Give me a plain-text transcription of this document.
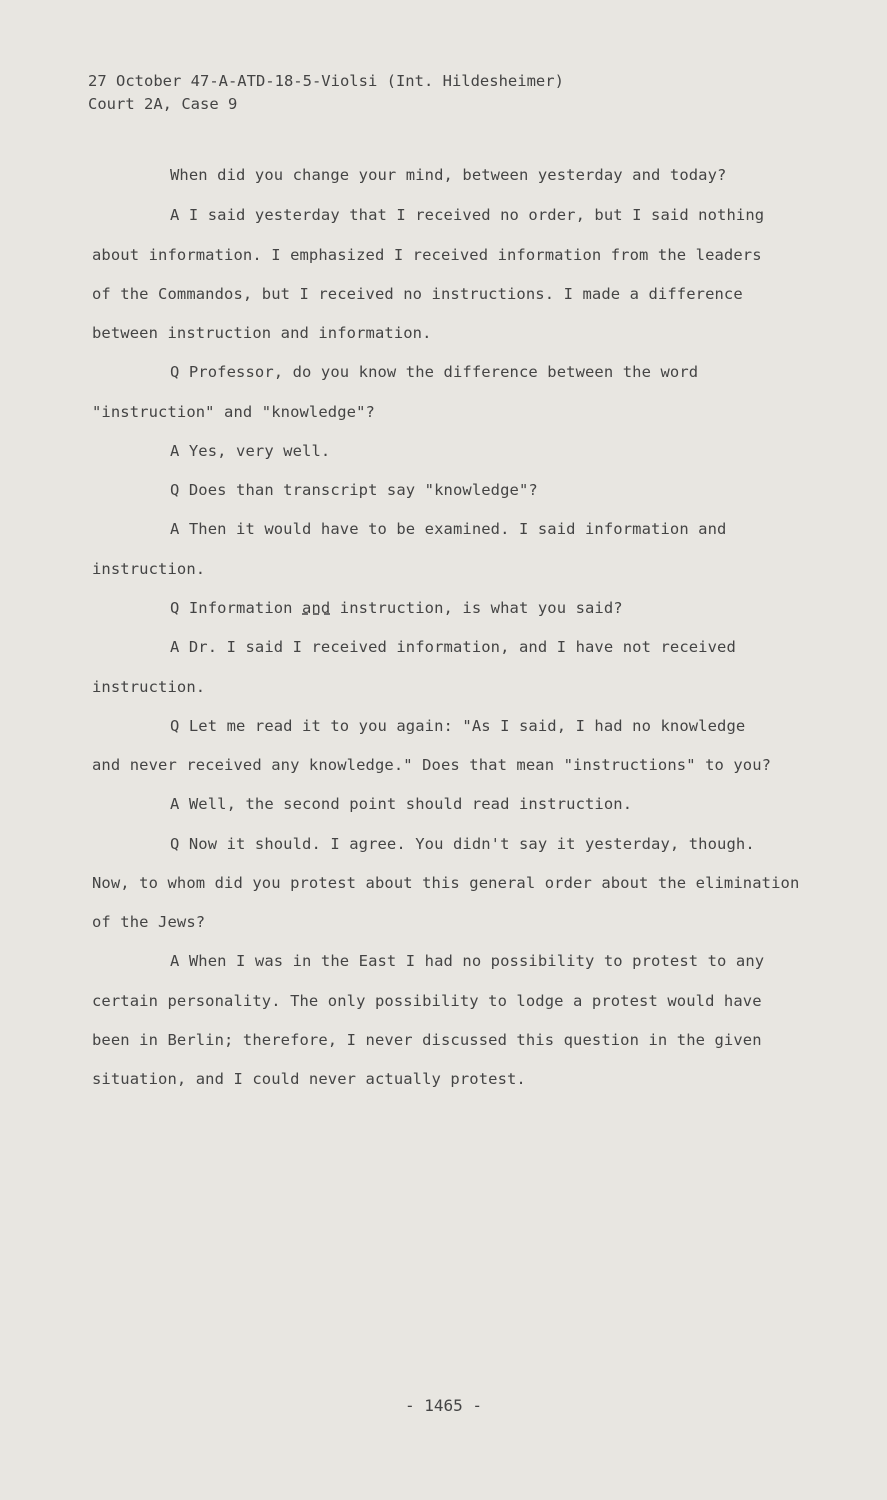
27 October 47-A-ATD-18-5-Violsi (Int. Hildesheimer)
Court 2A, Case 9
When did you change your mind, between yesterday and today?
A I said yesterday that I received no order, but I said nothing
about information. I emphasized I received information from the leaders
of the Commandos, but I received no instructions. I made a difference
between instruction and information.
Q Professor, do you know the difference between the word
"instruction" and "knowledge"?
A Yes, very well.
Q Does than transcript say "knowledge"?
A Then it would have to be examined. I said information and
instruction.
Q Information and instruction, is what you said?
A Dr. I said I received information, and I have not received
instruction.
Q Let me read it to you again: "As I said, I had no knowledge
and never received any knowledge." Does that mean "instructions" to you?
A Well, the second point should read instruction.
Q Now it should. I agree. You didn't say it yesterday, though.
Now, to whom did you protest about this general order about the elimination
of the Jews?
A When I was in the East I had no possibility to protest to any
certain personality. The only possibility to lodge a protest would have
been in Berlin; therefore, I never discussed this question in the given
situation, and I could never actually protest.
- 1465 -
